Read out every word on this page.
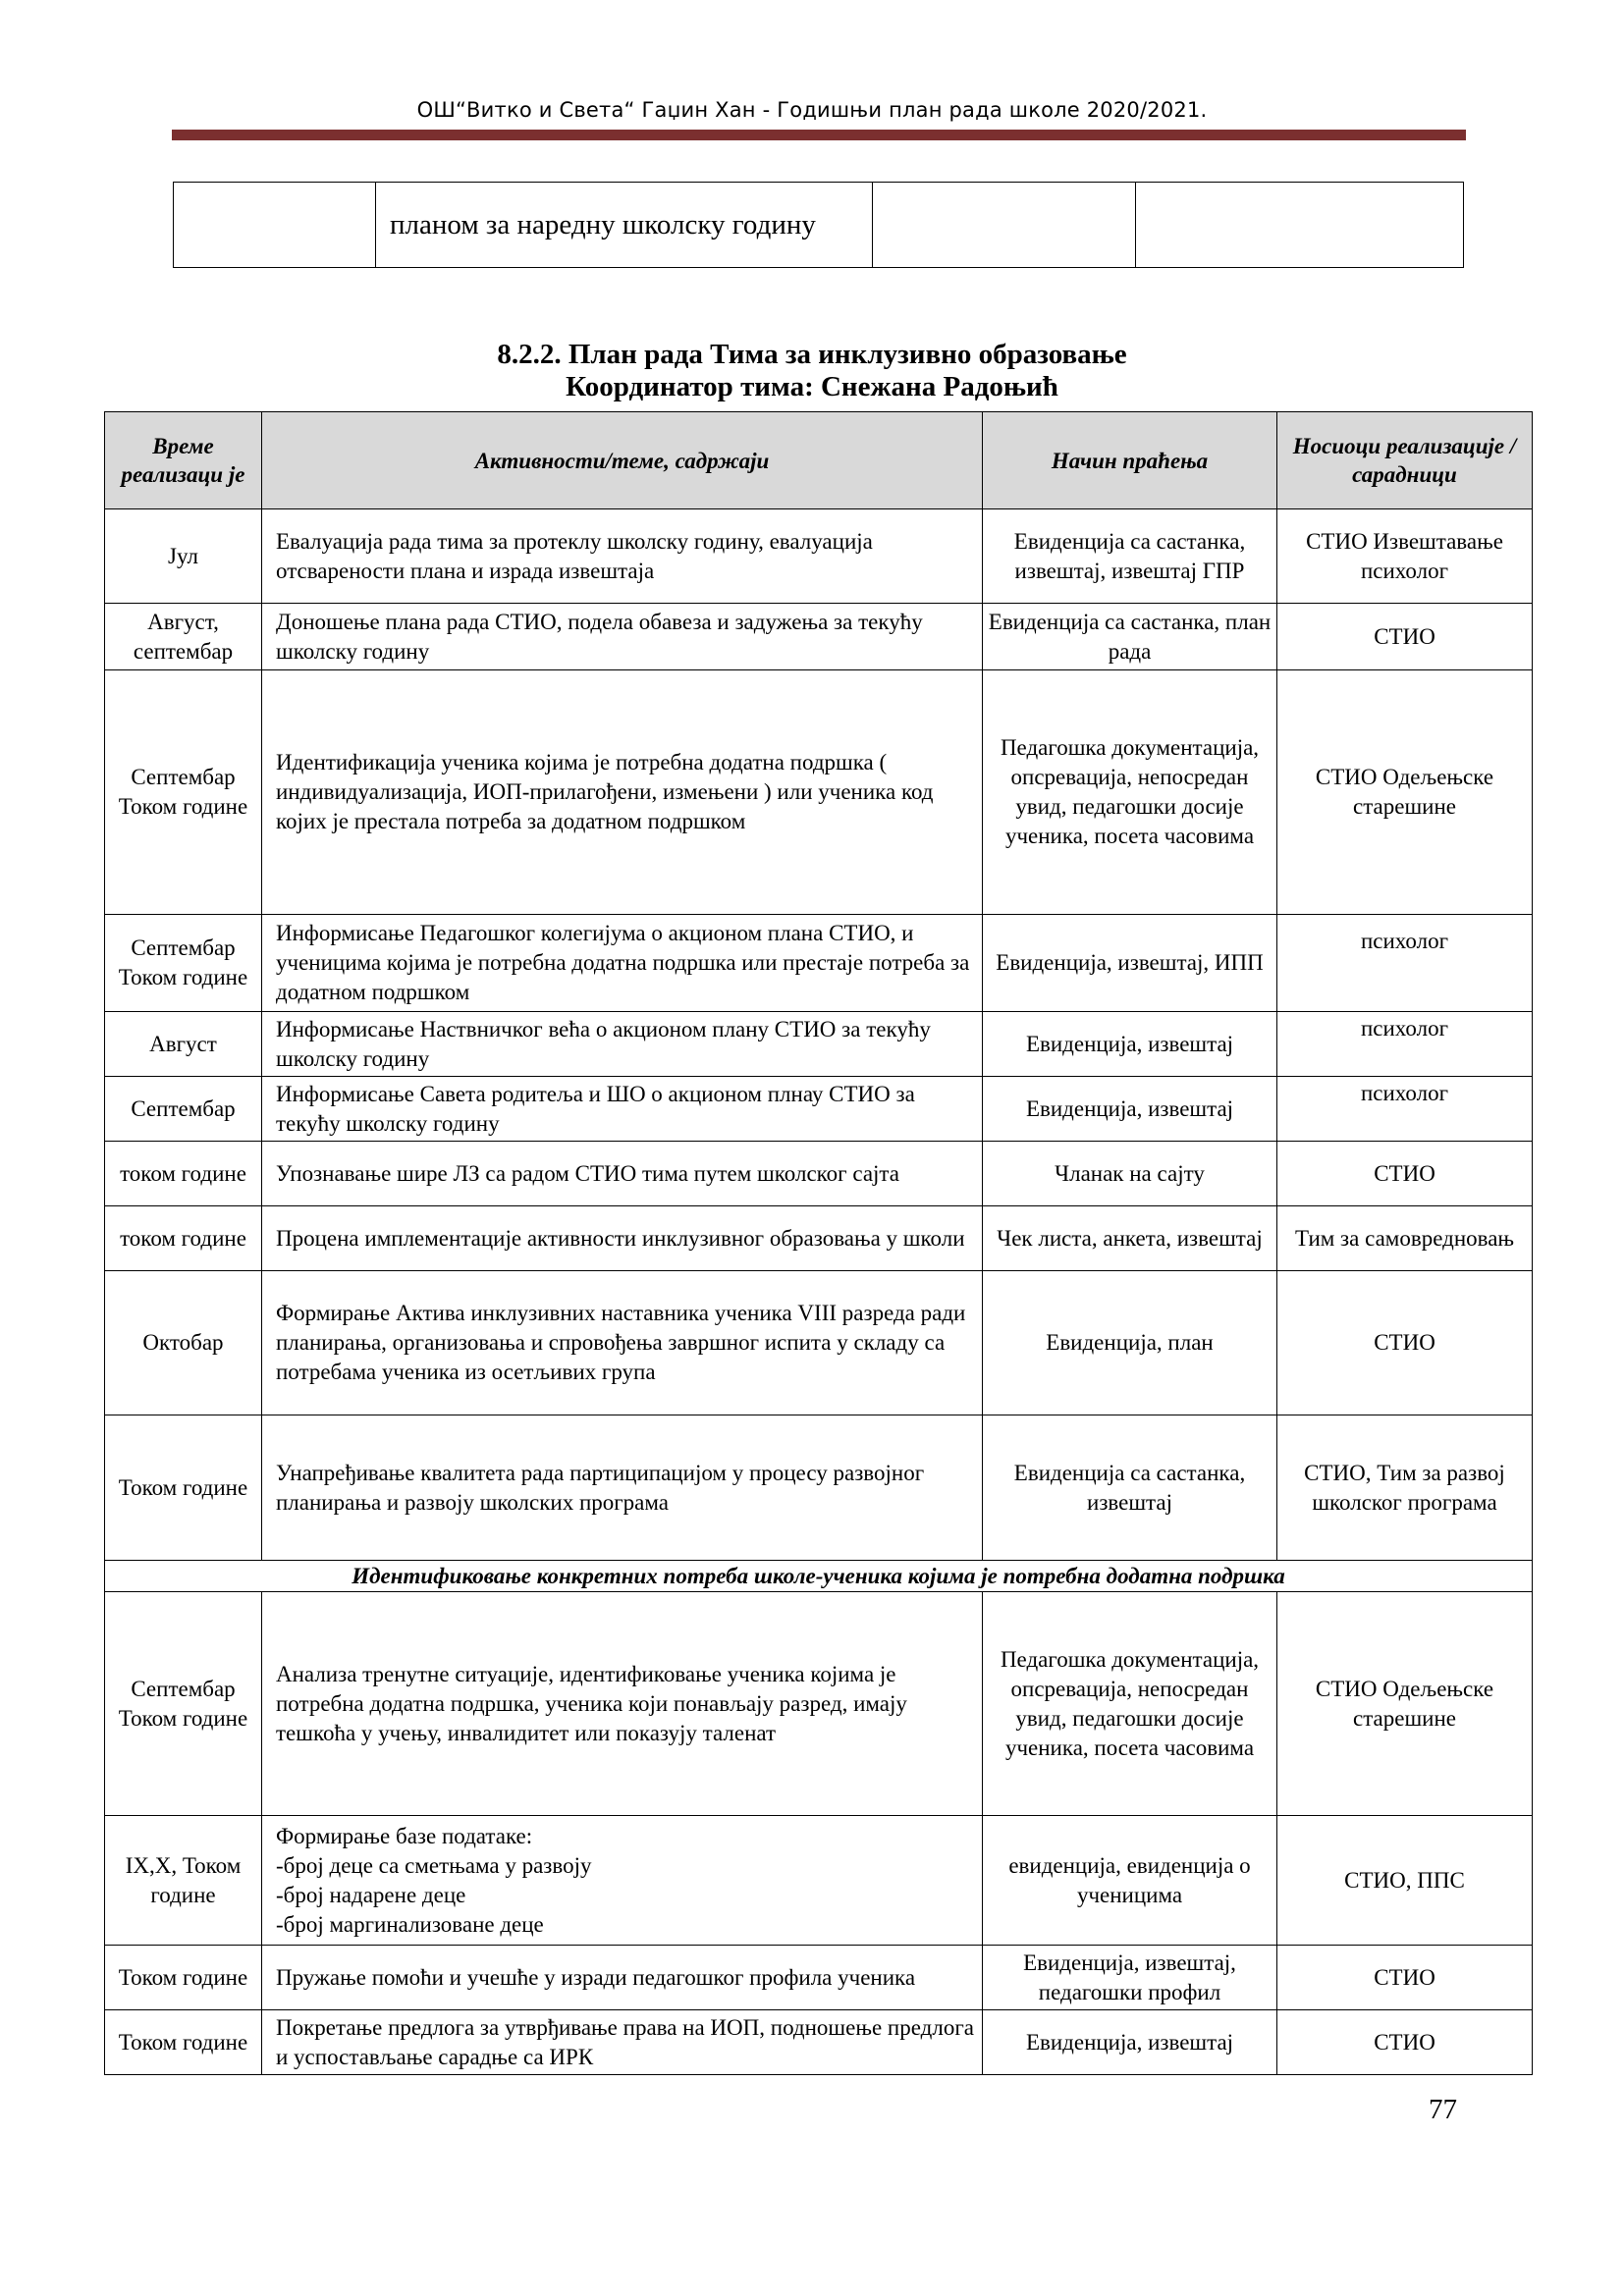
ОШ“Витко и Света“ Гаџин Хан - Годишњи план рада школе 2020/2021.
	планом за наредну школску годину		
8.2.2. План рада Тима за инклузивно образовање
Координатор тима: Снежана Радоњић
Време реализаци је	Активности/теме, садржаји	Начин праћења	Носиоци реализације / сарадници
Јул	Евалуација рада тима за протеклу школску годину, евалуација отсварености плана и израда извештаја	Евиденција са састанка, извештај, извештај ГПР	СТИО Извештавање психолог
Август, септембар	Доношење плана рада СТИО, подела обавеза и задужења за текућу школску годину	Евиденција са састанка, план рада	СТИО
Септембар Током године	Идентификација ученика којима је потребна додатна подршка ( индивидуализација, ИОП-прилагођени, измењени ) или ученика код којих је престала потреба за додатном подршком	Педагошка документација, опсревација, непосредан увид, педагошки досије ученика, посета часовима	СТИО Одељењске старешине
Септембар Током године	Информисање Педагошког колегијума о акционом плана СТИО, и ученицима којима је потребна додатна подршка или престаје потреба за додатном подршком	Евиденција, извештај, ИПП	психолог
Август	Информисање Наствничког већа о акционом плану СТИО за текућу школску годину	Евиденција, извештај	психолог
Септембар	Информисање Савета родитеља и ШО о акционом плнау СТИО за текућу школску годину	Евиденција, извештај	психолог
током године	Упознавање шире ЛЗ са радом СТИО тима путем школског сајта	Чланак на сајту	СТИО
током године	Процена имплементације активности инклузивног образовања у школи	Чек листа, анкета, извештај	Тим за самовредновањ
Октобар	Формирање Актива инклузивних наставника ученика VIII разреда ради планирања, организовања и спровођења завршног испита у складу са потребама ученика из осетљивих група	Евиденција, план	СТИО
Током године	Унапређивање квалитета рада партиципацијом у процесу развојног планирања и развоју школских програма	Евиденција са састанка, извештај	СТИО, Тим за развој школског програма
Идентификовање конкретних потреба школе-ученика којима је потребна додатна подршка			
Септембар Током године	Анализа тренутне ситуације, идентификовање ученика којима је потребна додатна подршка, ученика који понављају разред, имају тешкоћа у учењу, инвалидитет или показују таленат	Педагошка документација, опсревација, непосредан увид, педагошки досије ученика, посета часовима	СТИО Одељењске старешине
IX,X, Током године	Формирање базе податаке:
-број деце са сметњама у развоју
-број надарене деце
-број маргинализоване деце	евиденција, евиденција о ученицима	СТИО, ППС
Током године	Пружање помоћи и учешће у изради педагошког профила ученика	Евиденција, извештај, педагошки профил	СТИО
Током године	Покретање предлога за утврђивање права на ИОП, подношење предлога и успостављање сарадње са ИРК	Евиденција, извештај	СТИО
77
